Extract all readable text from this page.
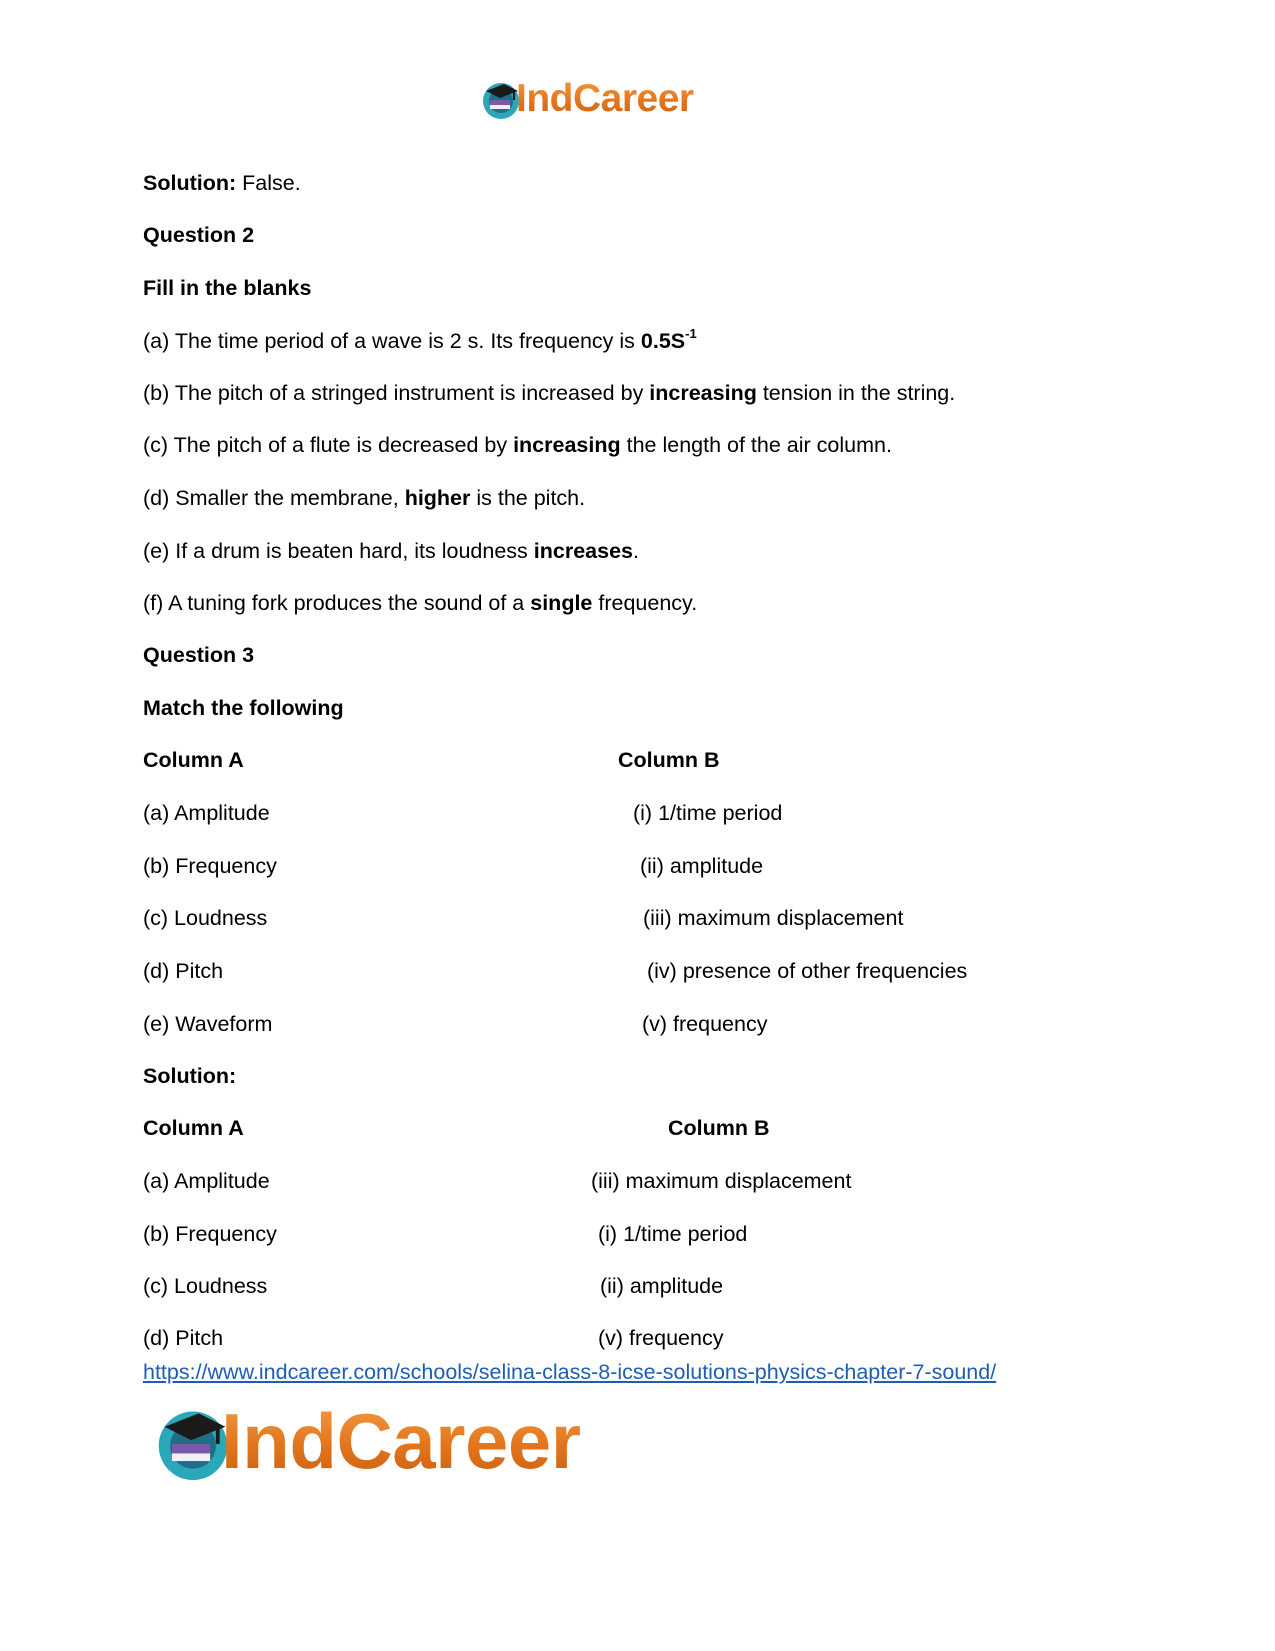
IndCareer
Solution: False.
Question 2
Fill in the blanks
(a) The time period of a wave is 2 s. Its frequency is $0.5S^{-1}$
(b) The pitch of a stringed instrument is increased by increasing tension in the string.
(c) The pitch of a flute is decreased by increasing the length of the air column.
(d) Smaller the membrane, higher is the pitch.
(e) If a drum is beaten hard, its loudness increases.
(f) A tuning fork produces the sound of a single frequency.
Question 3
Match the following
Column A	Column B
(a) Amplitude
(b) Frequency
(c) Loudness
(d) Pitch
(e) Waveform
(i) 1/time period
(ii) amplitude
(iii) maximum displacement
(iv) presence of other frequencies
(v) frequency
Solution:
Column A	Column B
(a) Amplitude
(b) Frequency
(c) Loudness
(d) Pitch
(iii) maximum displacement
(i) 1/time period
(ii) amplitude
(v) frequency
https://www.indcareer.com/schools/selina-class-8-icse-solutions-physics-chapter-7-sound/
IndCareer
